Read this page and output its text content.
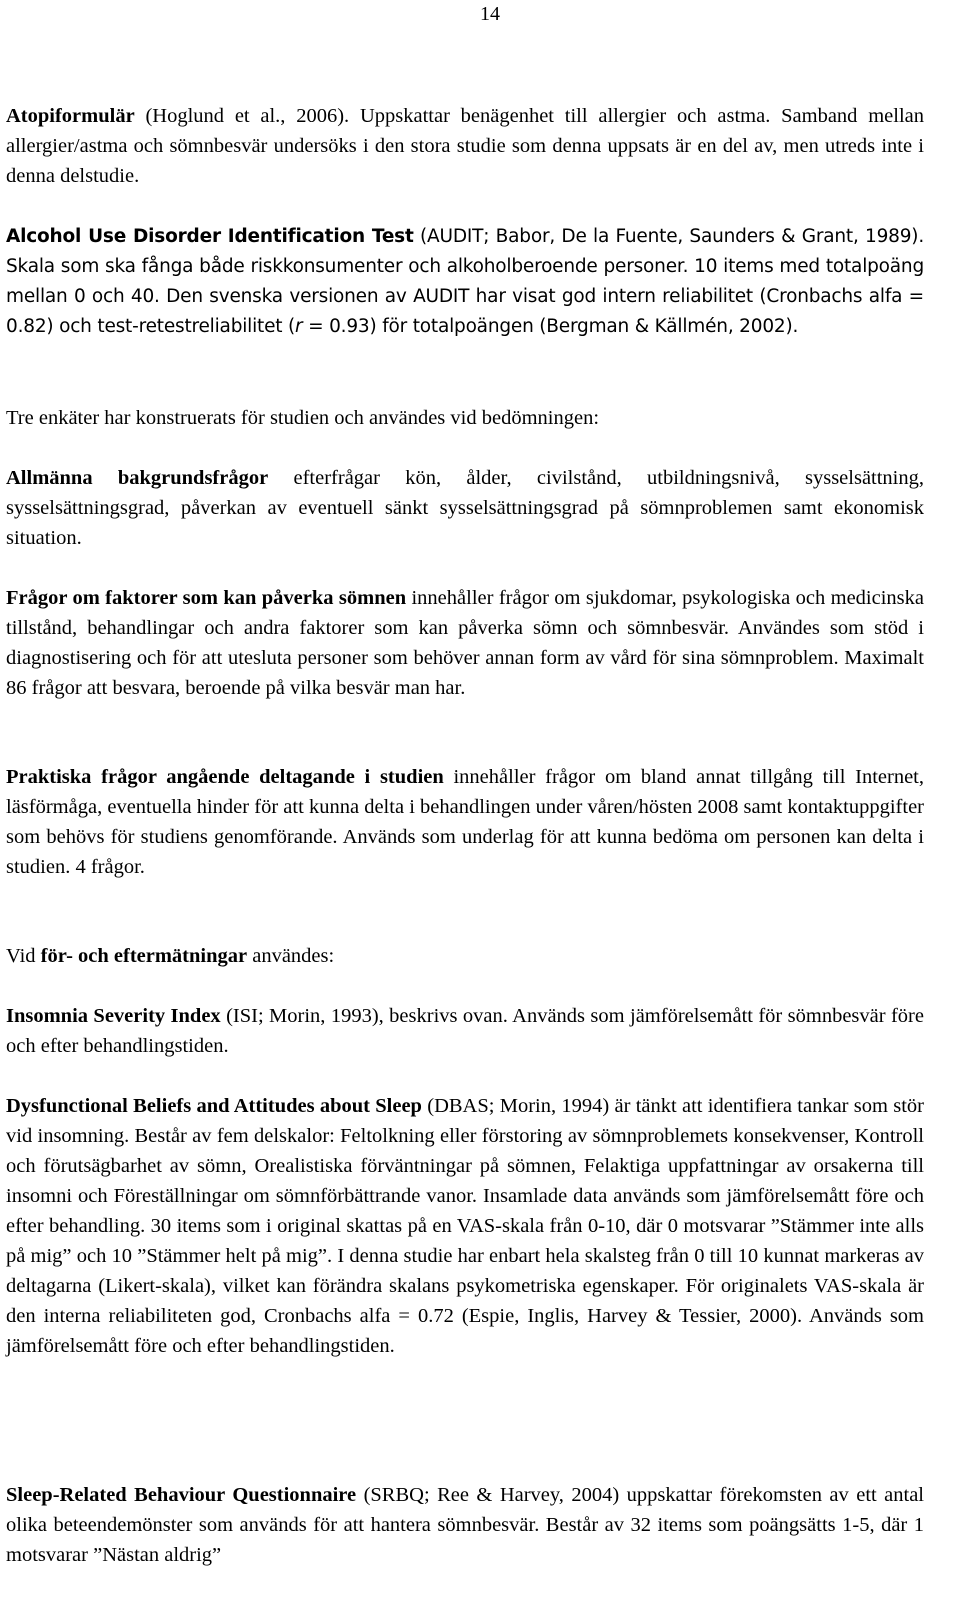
14

Atopiformulär (Hoglund et al., 2006). Uppskattar benägenhet till allergier och astma. Samband mellan allergier/astma och sömnbesvär undersöks i den stora studie som denna uppsats är en del av, men utreds inte i denna delstudie.

Alcohol Use Disorder Identification Test (AUDIT; Babor, De la Fuente, Saunders & Grant, 1989). Skala som ska fånga både riskkonsumenter och alkoholberoende personer. 10 items med totalpoäng mellan 0 och 40. Den svenska versionen av AUDIT har visat god intern reliabilitet (Cronbachs alfa = 0.82) och test-retestreliabilitet (r = 0.93) för totalpoängen (Bergman & Källmén, 2002).

Tre enkäter har konstruerats för studien och användes vid bedömningen:

Allmänna bakgrundsfrågor efterfrågar kön, ålder, civilstånd, utbildningsnivå, sysselsättning, sysselsättningsgrad, påverkan av eventuell sänkt sysselsättningsgrad på sömnproblemen samt ekonomisk situation.

Frågor om faktorer som kan påverka sömnen innehåller frågor om sjukdomar, psykologiska och medicinska tillstånd, behandlingar och andra faktorer som kan påverka sömn och sömnbesvär. Användes som stöd i diagnostisering och för att utesluta personer som behöver annan form av vård för sina sömnproblem. Maximalt 86 frågor att besvara, beroende på vilka besvär man har.

Praktiska frågor angående deltagande i studien innehåller frågor om bland annat tillgång till Internet, läsförmåga, eventuella hinder för att kunna delta i behandlingen under våren/hösten 2008 samt kontaktuppgifter som behövs för studiens genomförande. Används som underlag för att kunna bedöma om personen kan delta i studien. 4 frågor.

Vid för- och eftermätningar användes:

Insomnia Severity Index (ISI; Morin, 1993), beskrivs ovan. Används som jämförelsemått för sömnbesvär före och efter behandlingstiden.

Dysfunctional Beliefs and Attitudes about Sleep (DBAS; Morin, 1994) är tänkt att identifiera tankar som stör vid insomning. Består av fem delskalor: Feltolkning eller förstoring av sömnproblemets konsekvenser, Kontroll och förutsägbarhet av sömn, Orealistiska förväntningar på sömnen, Felaktiga uppfattningar av orsakerna till insomni och Föreställningar om sömnförbättrande vanor. Insamlade data används som jämförelsemått före och efter behandling. 30 items som i original skattas på en VAS-skala från 0-10, där 0 motsvarar ”Stämmer inte alls på mig” och 10 ”Stämmer helt på mig”. I denna studie har enbart hela skalsteg från 0 till 10 kunnat markeras av deltagarna (Likert-skala), vilket kan förändra skalans psykometriska egenskaper. För originalets VAS-skala är den interna reliabiliteten god, Cronbachs alfa = 0.72 (Espie, Inglis, Harvey & Tessier, 2000). Används som jämförelsemått före och efter behandlingstiden.

Sleep-Related Behaviour Questionnaire (SRBQ; Ree & Harvey, 2004) uppskattar förekomsten av ett antal olika beteendemönster som används för att hantera sömnbesvär. Består av 32 items som poängsätts 1-5, där 1 motsvarar ”Nästan aldrig”
